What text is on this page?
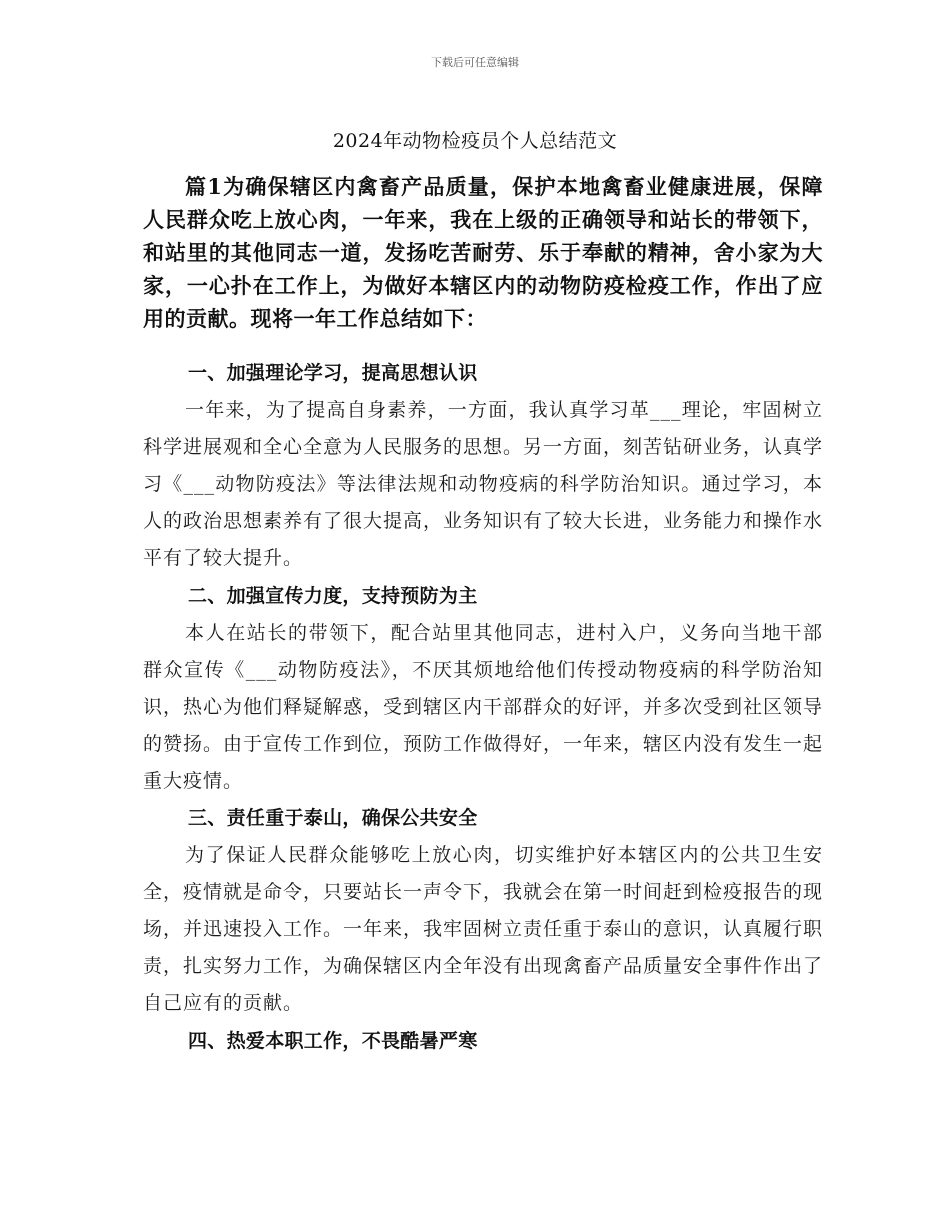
下载后可任意编辑
2024年动物检疫员个人总结范文

篇1为确保辖区内禽畜产品质量，保护本地禽畜业健康进展，保障人民群众吃上放心肉，一年来，我在上级的正确领导和站长的带领下，和站里的其他同志一道，发扬吃苦耐劳、乐于奉献的精神，舍小家为大家，一心扑在工作上，为做好本辖区内的动物防疫检疫工作，作出了应用的贡献。现将一年工作总结如下：

一、加强理论学习，提高思想认识

一年来，为了提高自身素养，一方面，我认真学习革___理论，牢固树立科学进展观和全心全意为人民服务的思想。另一方面，刻苦钻研业务，认真学习《___动物防疫法》等法律法规和动物疫病的科学防治知识。通过学习，本人的政治思想素养有了很大提高，业务知识有了较大长进，业务能力和操作水平有了较大提升。

二、加强宣传力度，支持预防为主

本人在站长的带领下，配合站里其他同志，进村入户，义务向当地干部群众宣传《___动物防疫法》，不厌其烦地给他们传授动物疫病的科学防治知识，热心为他们释疑解惑，受到辖区内干部群众的好评，并多次受到社区领导的赞扬。由于宣传工作到位，预防工作做得好，一年来，辖区内没有发生一起重大疫情。

三、责任重于泰山，确保公共安全

为了保证人民群众能够吃上放心肉，切实维护好本辖区内的公共卫生安全，疫情就是命令，只要站长一声令下，我就会在第一时间赶到检疫报告的现场，并迅速投入工作。一年来，我牢固树立责任重于泰山的意识，认真履行职责，扎实努力工作，为确保辖区内全年没有出现禽畜产品质量安全事件作出了自己应有的贡献。

四、热爱本职工作，不畏酷暑严寒
